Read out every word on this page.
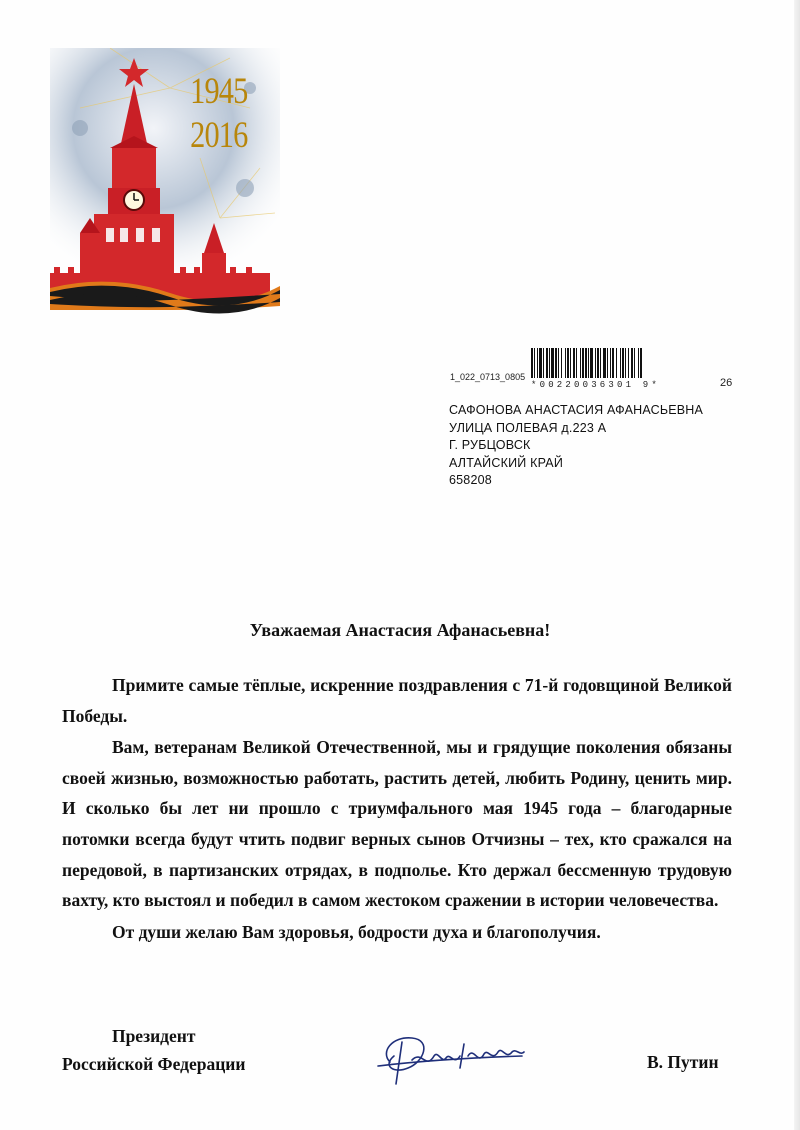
1945
2016
1_022_0713_0805
*00220036301 9*	26
САФОНОВА АНАСТАСИЯ АФАНАСЬЕВНА
УЛИЦА ПОЛЕВАЯ д.223 А
Г. РУБЦОВСК
АЛТАЙСКИЙ КРАЙ
658208
Уважаемая Анастасия Афанасьевна!

Примите самые тёплые, искренние поздравления с 71-й годовщиной Великой Победы.

Вам, ветеранам Великой Отечественной, мы и грядущие поколения обязаны своей жизнью, возможностью работать, растить детей, любить Родину, ценить мир. И сколько бы лет ни прошло с триумфального мая 1945 года – благодарные потомки всегда будут чтить подвиг верных сынов Отчизны – тех, кто сражался на передовой, в партизанских отрядах, в подполье. Кто держал бессменную трудовую вахту, кто выстоял и победил в самом жестоком сражении в истории человечества.

От души желаю Вам здоровья, бодрости духа и благополучия.

Президент
Российской Федерации	В. Путин
